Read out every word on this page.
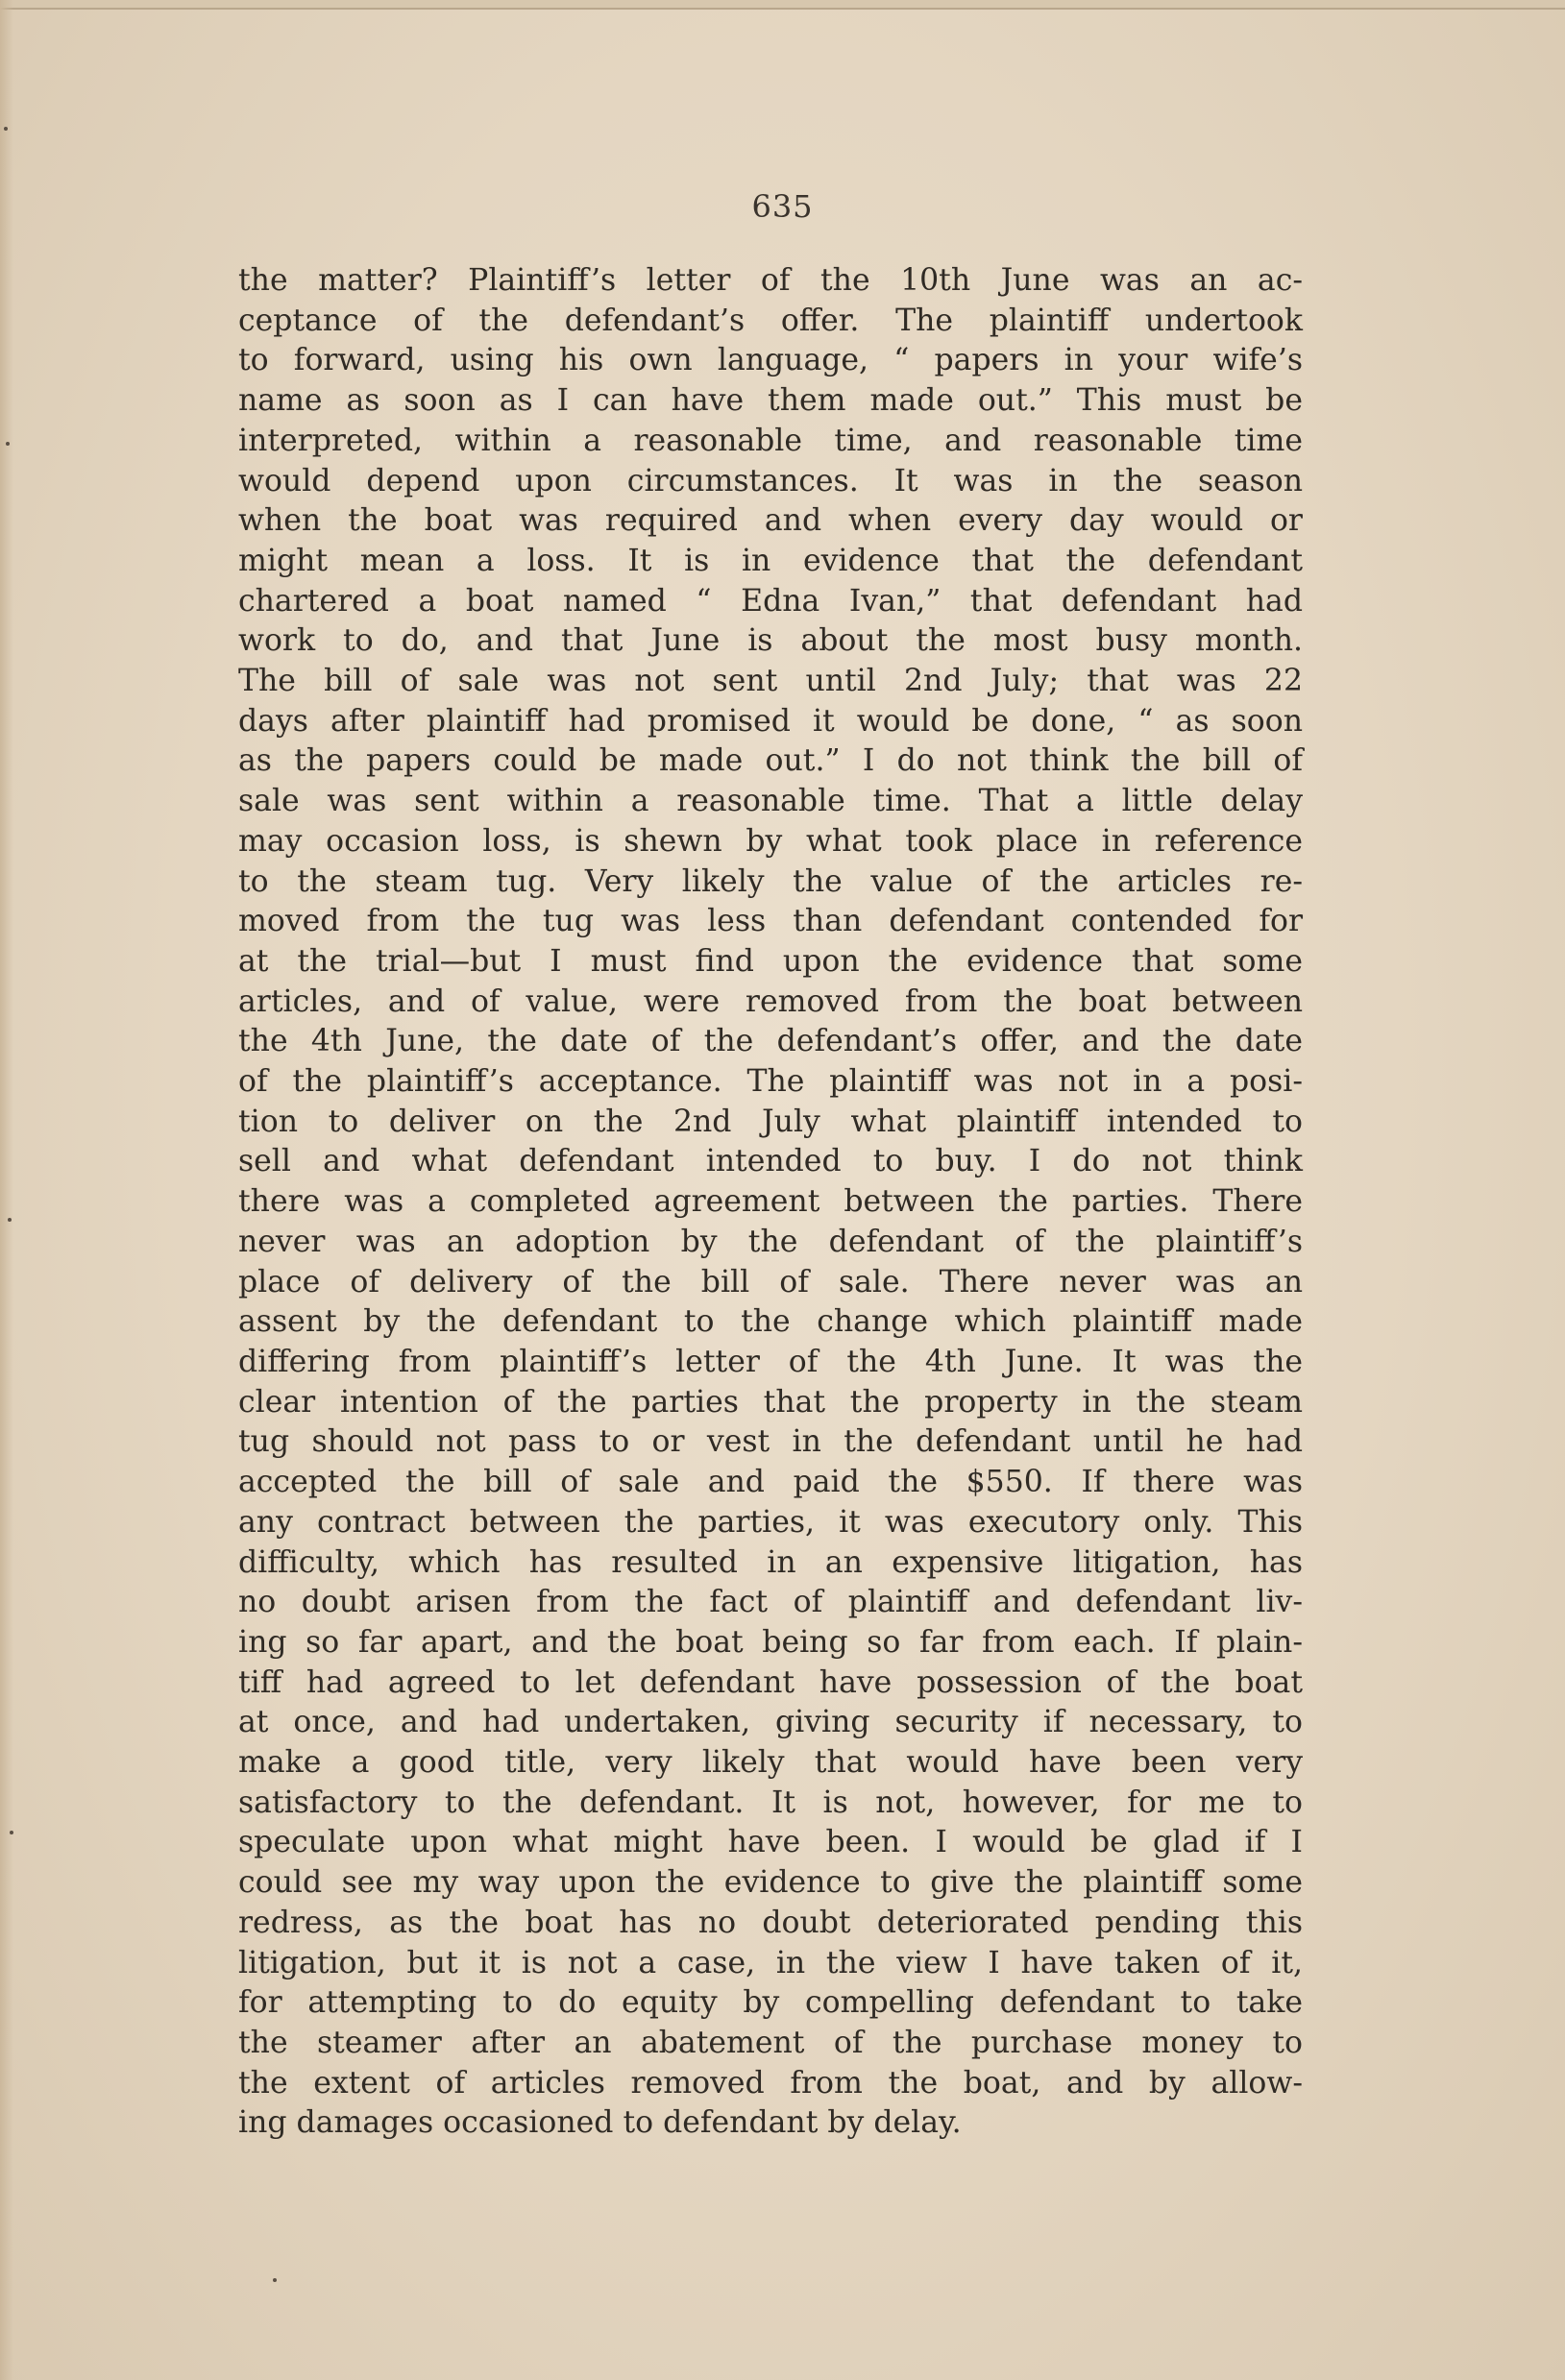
635
the matter? Plaintiff’s letter of the 10th June was an ac-
ceptance of the defendant’s offer. The plaintiff undertook
to forward, using his own language, “ papers in your wife’s
name as soon as I can have them made out.” This must be
interpreted, within a reasonable time, and reasonable time
would depend upon circumstances. It was in the season
when the boat was required and when every day would or
might mean a loss. It is in evidence that the defendant
chartered a boat named “ Edna Ivan,” that defendant had
work to do, and that June is about the most busy month.
The bill of sale was not sent until 2nd July; that was 22
days after plaintiff had promised it would be done, “ as soon
as the papers could be made out.” I do not think the bill of
sale was sent within a reasonable time. That a little delay
may occasion loss, is shewn by what took place in reference
to the steam tug. Very likely the value of the articles re-
moved from the tug was less than defendant contended for
at the trial—but I must find upon the evidence that some
articles, and of value, were removed from the boat between
the 4th June, the date of the defendant’s offer, and the date
of the plaintiff’s acceptance. The plaintiff was not in a posi-
tion to deliver on the 2nd July what plaintiff intended to
sell and what defendant intended to buy. I do not think
there was a completed agreement between the parties. There
never was an adoption by the defendant of the plaintiff’s
place of delivery of the bill of sale. There never was an
assent by the defendant to the change which plaintiff made
differing from plaintiff’s letter of the 4th June. It was the
clear intention of the parties that the property in the steam
tug should not pass to or vest in the defendant until he had
accepted the bill of sale and paid the $550. If there was
any contract between the parties, it was executory only. This
difficulty, which has resulted in an expensive litigation, has
no doubt arisen from the fact of plaintiff and defendant liv-
ing so far apart, and the boat being so far from each. If plain-
tiff had agreed to let defendant have possession of the boat
at once, and had undertaken, giving security if necessary, to
make a good title, very likely that would have been very
satisfactory to the defendant. It is not, however, for me to
speculate upon what might have been. I would be glad if I
could see my way upon the evidence to give the plaintiff some
redress, as the boat has no doubt deteriorated pending this
litigation, but it is not a case, in the view I have taken of it,
for attempting to do equity by compelling defendant to take
the steamer after an abatement of the purchase money to
the extent of articles removed from the boat, and by allow-
ing damages occasioned to defendant by delay.
